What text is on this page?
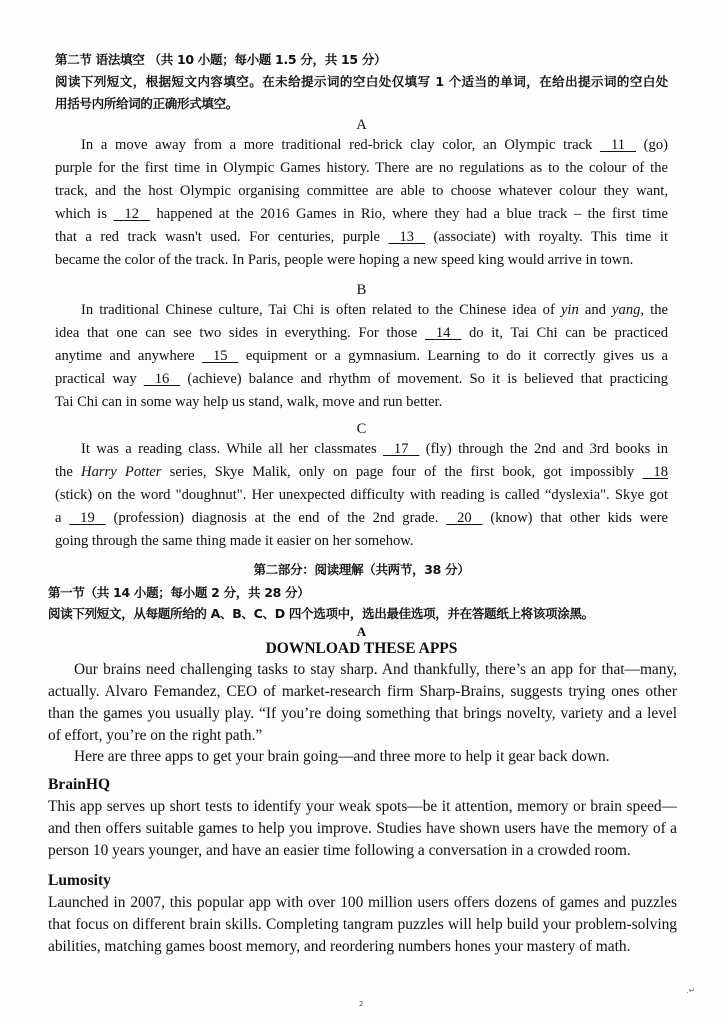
第二节 语法填空 （共 10 小题；每小题 1.5 分，共 15 分）
阅读下列短文，根据短文内容填空。在未给提示词的空白处仅填写 1 个适当的单词，在给出提示词的空白处
用括号内所给词的正确形式填空。
A
In a move away from a more traditional red-brick clay color, an Olympic track    11    (go)
purple for the first time in Olympic Games history. There are no regulations as to the colour of the
track, and the host Olympic organising committee are able to choose whatever colour they want,
which is    12    happened at the 2016 Games in Rio, where they had a blue track – the first time
that a red track wasn't used. For centuries, purple    13    (associate) with royalty. This time it
became the color of the track. In Paris, people were hoping a new speed king would arrive in town.
B
In traditional Chinese culture, Tai Chi is often related to the Chinese idea of yin and yang, the
idea that one can see two sides in everything. For those    14    do it, Tai Chi can be practiced
anytime and anywhere    15    equipment or a gymnasium. Learning to do it correctly gives us a
practical way    16    (achieve) balance and rhythm of movement. So it is believed that practicing
Tai Chi can in some way help us stand, walk, move and run better.
C
It was a reading class. While all her classmates    17    (fly) through the 2nd and 3rd books in
the Harry Potter series, Skye Malik, only on page four of the first book, got impossibly    18
(stick) on the word "doughnut". Her unexpected difficulty with reading is called “dyslexia". Skye got
a    19    (profession) diagnosis at the end of the 2nd grade.    20    (know) that other kids were
going through the same thing made it easier on her somehow.
第二部分：阅读理解（共两节，38 分）
第一节（共 14 小题；每小题 2 分，共 28 分）
阅读下列短文，从每题所给的 A、B、C、D 四个选项中，选出最佳选项，并在答题纸上将该项涂黑。
A
DOWNLOAD THESE APPS
Our brains need challenging tasks to stay sharp. And thankfully, there’s an app for that—many,
actually. Alvaro Femandez, CEO of market-research firm Sharp-Brains, suggests trying ones other
than the games you usually play. “If you’re doing something that brings novelty, variety and a level
of effort, you’re on the right path.”
Here are three apps to get your brain going—and three more to help it gear back down.
BrainHQ
This app serves up short tests to identify your weak spots—be it attention, memory or brain speed—
and then offers suitable games to help you improve. Studies have shown users have the memory of a
person 10 years younger, and have an easier time following a conversation in a crowded room.
Lumosity
Launched in 2007, this popular app with over 100 million users offers dozens of games and puzzles
that focus on different brain skills. Completing tangram puzzles will help build your problem-solving
abilities, matching games boost memory, and reordering numbers hones your mastery of math.
.↵
2
